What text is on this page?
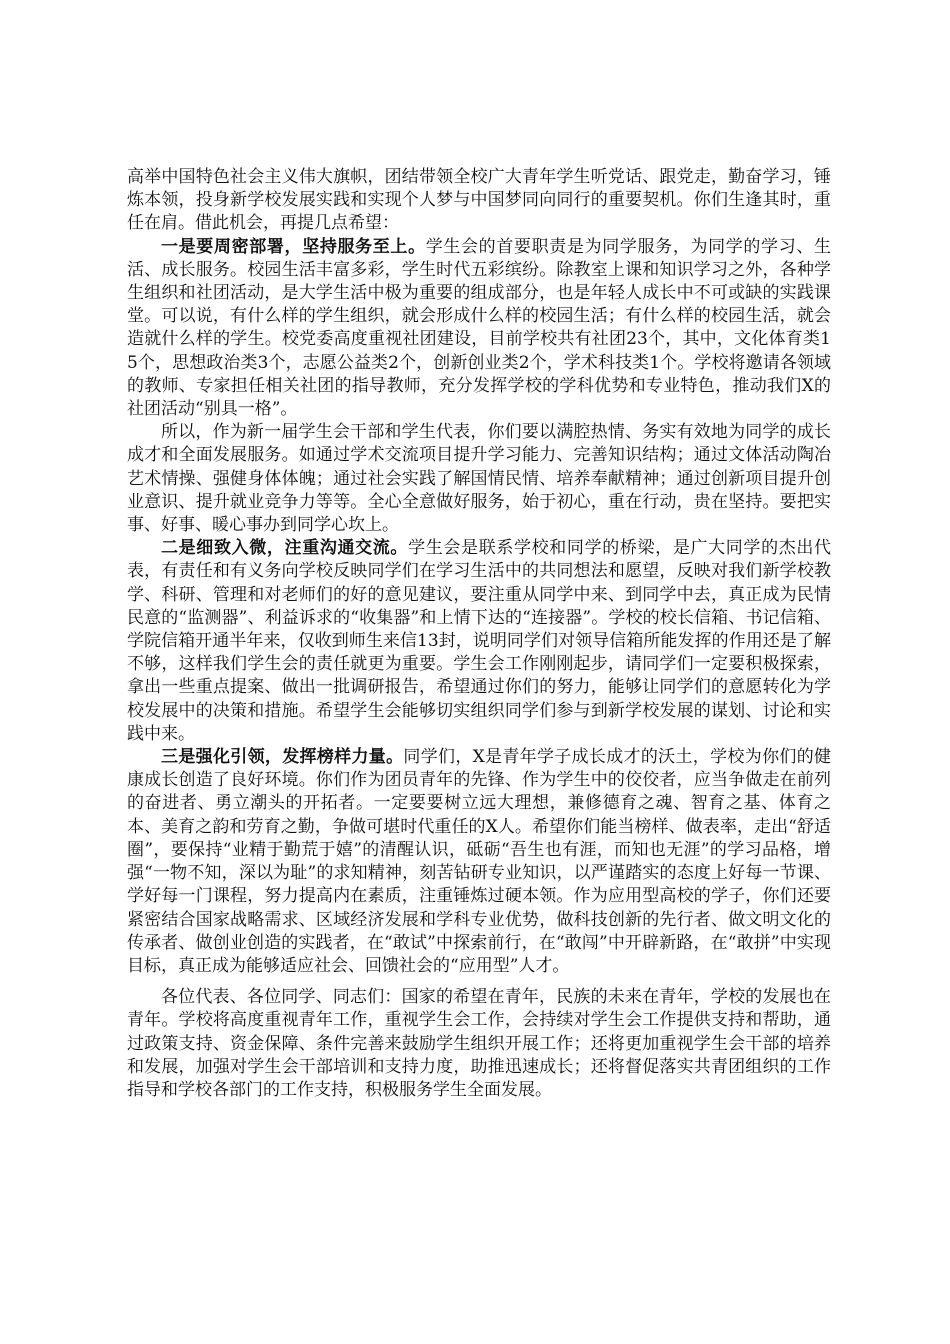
高举中国特色社会主义伟大旗帜，团结带领全校广大青年学生听党话、跟党走，勤奋学习，锤炼本领，投身新学校发展实践和实现个人梦与中国梦同向同行的重要契机。你们生逢其时，重任在肩。借此机会，再提几点希望：

一是要周密部署，坚持服务至上。学生会的首要职责是为同学服务，为同学的学习、生活、成长服务。校园生活丰富多彩，学生时代五彩缤纷。除教室上课和知识学习之外，各种学生组织和社团活动，是大学生活中极为重要的组成部分，也是年轻人成长中不可或缺的实践课堂。可以说，有什么样的学生组织，就会形成什么样的校园生活；有什么样的校园生活，就会造就什么样的学生。校党委高度重视社团建设，目前学校共有社团23个，其中，文化体育类15个，思想政治类3个，志愿公益类2个，创新创业类2个，学术科技类1个。学校将邀请各领域的教师、专家担任相关社团的指导教师，充分发挥学校的学科优势和专业特色，推动我们X的社团活动“别具一格”。

所以，作为新一届学生会干部和学生代表，你们要以满腔热情、务实有效地为同学的成长成才和全面发展服务。如通过学术交流项目提升学习能力、完善知识结构；通过文体活动陶冶艺术情操、强健身体体魄；通过社会实践了解国情民情、培养奉献精神；通过创新项目提升创业意识、提升就业竞争力等等。全心全意做好服务，始于初心，重在行动，贵在坚持。要把实事、好事、暖心事办到同学心坎上。

二是细致入微，注重沟通交流。学生会是联系学校和同学的桥梁，是广大同学的杰出代表，有责任和有义务向学校反映同学们在学习生活中的共同想法和愿望，反映对我们新学校教学、科研、管理和对老师们的好的意见建议，要注重从同学中来、到同学中去，真正成为民情民意的“监测器”、利益诉求的“收集器”和上情下达的“连接器”。学校的校长信箱、书记信箱、学院信箱开通半年来，仅收到师生来信13封，说明同学们对领导信箱所能发挥的作用还是了解不够，这样我们学生会的责任就更为重要。学生会工作刚刚起步，请同学们一定要积极探索，拿出一些重点提案、做出一批调研报告，希望通过你们的努力，能够让同学们的意愿转化为学校发展中的决策和措施。希望学生会能够切实组织同学们参与到新学校发展的谋划、讨论和实践中来。

三是强化引领，发挥榜样力量。同学们，X是青年学子成长成才的沃土，学校为你们的健康成长创造了良好环境。你们作为团员青年的先锋、作为学生中的佼佼者，应当争做走在前列的奋进者、勇立潮头的开拓者。一定要要树立远大理想，兼修德育之魂、智育之基、体育之本、美育之韵和劳育之勤，争做可堪时代重任的X人。希望你们能当榜样、做表率，走出“舒适圈”，要保持“业精于勤荒于嬉”的清醒认识，砥砺“吾生也有涯，而知也无涯”的学习品格，增强“一物不知，深以为耻”的求知精神，刻苦钻研专业知识，以严谨踏实的态度上好每一节课、学好每一门课程，努力提高内在素质，注重锤炼过硬本领。作为应用型高校的学子，你们还要紧密结合国家战略需求、区域经济发展和学科专业优势，做科技创新的先行者、做文明文化的传承者、做创业创造的实践者，在“敢试”中探索前行，在“敢闯”中开辟新路，在“敢拼”中实现目标，真正成为能够适应社会、回馈社会的“应用型”人才。

各位代表、各位同学、同志们：国家的希望在青年，民族的未来在青年，学校的发展也在青年。学校将高度重视青年工作，重视学生会工作，会持续对学生会工作提供支持和帮助，通过政策支持、资金保障、条件完善来鼓励学生组织开展工作；还将更加重视学生会干部的培养和发展，加强对学生会干部培训和支持力度，助推迅速成长；还将督促落实共青团组织的工作指导和学校各部门的工作支持，积极服务学生全面发展。
